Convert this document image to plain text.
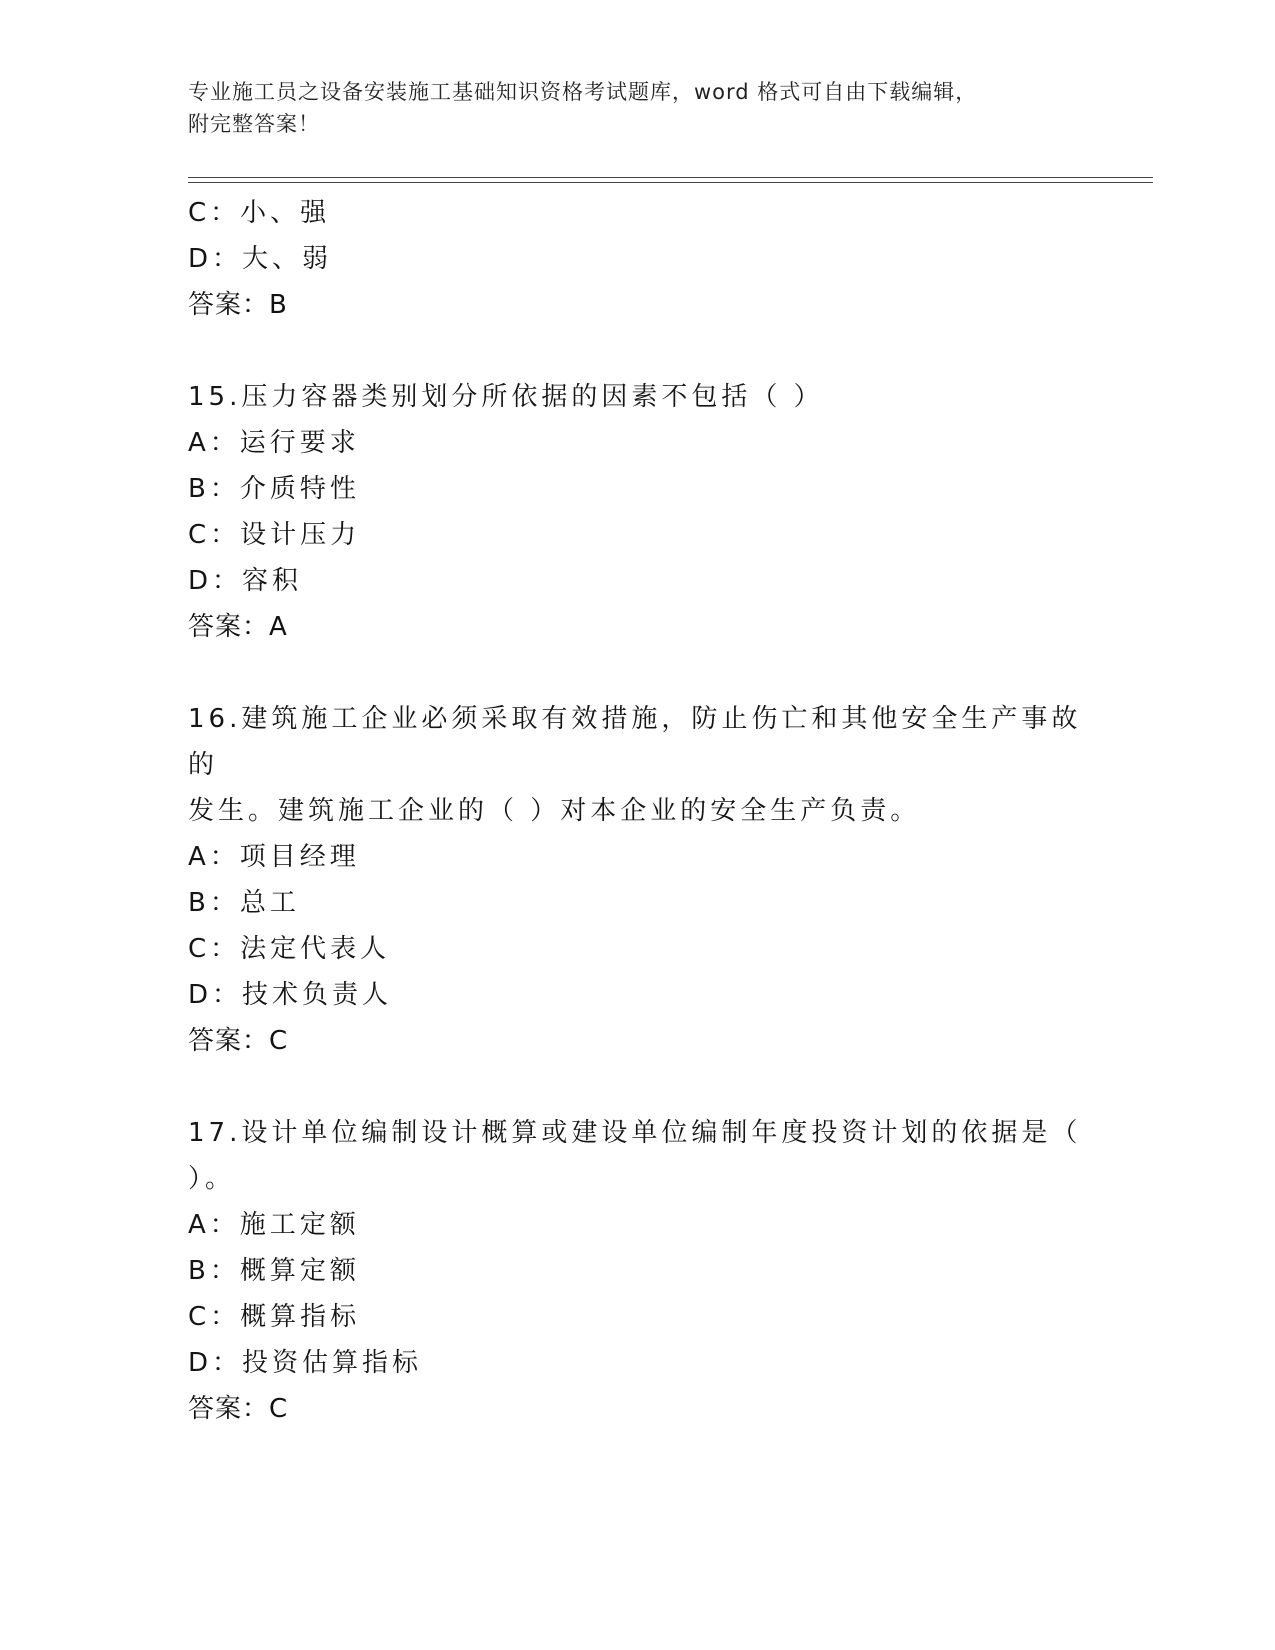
专业施工员之设备安装施工基础知识资格考试题库，word 格式可自由下载编辑，
附完整答案！
C：小、强
D：大、弱
答案：B
15.压力容器类别划分所依据的因素不包括（ ）
A：运行要求
B：介质特性
C：设计压力
D：容积
答案：A
16.建筑施工企业必须采取有效措施，防止伤亡和其他安全生产事故的
发生。建筑施工企业的（ ）对本企业的安全生产负责。
A：项目经理
B：总工
C：法定代表人
D：技术负责人
答案：C
17.设计单位编制设计概算或建设单位编制年度投资计划的依据是（
）。
A：施工定额
B：概算定额
C：概算指标
D：投资估算指标
答案：C
